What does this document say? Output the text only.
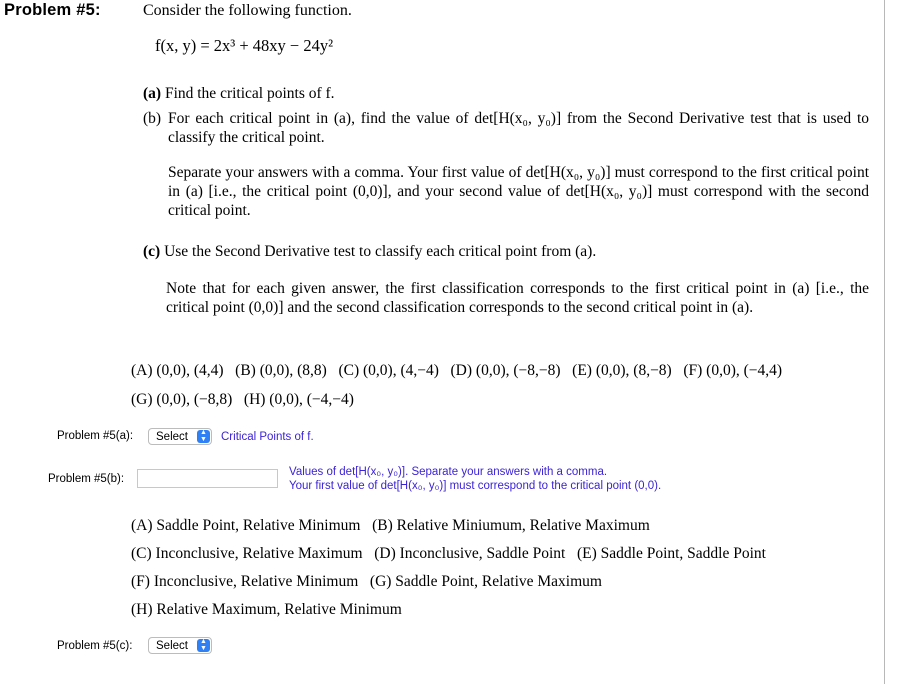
Problem #5:	Consider the following function.
f(x, y) = 2x³ + 48xy − 24y²
(a) Find the critical points of f.
(b) For each critical point in (a), find the value of det[H(x₀, y₀)] from the Second Derivative test that is used to classify the critical point.
Separate your answers with a comma. Your first value of det[H(x₀, y₀)] must correspond to the first critical point in (a) [i.e., the critical point (0,0)], and your second value of det[H(x₀, y₀)] must correspond with the second critical point.
(c) Use the Second Derivative test to classify each critical point from (a).
Note that for each given answer, the first classification corresponds to the first critical point in (a) [i.e., the critical point (0,0)] and the second classification corresponds to the second critical point in (a).
(A) (0,0), (4,4)   (B) (0,0), (8,8)   (C) (0,0), (4,−4)   (D) (0,0), (−8,−8)   (E) (0,0), (8,−8)   (F) (0,0), (−4,4)
(G) (0,0), (−8,8)   (H) (0,0), (−4,−4)
Problem #5(a):	Select	▲
▼ Critical Points of f.
Problem #5(b):
Values of det[H(x₀, y₀)]. Separate your answers with a comma.
Your first value of det[H(x₀, y₀)] must correspond to the critical point (0,0).
(A) Saddle Point, Relative Minimum   (B) Relative Miniumum, Relative Maximum
(C) Inconclusive, Relative Maximum   (D) Inconclusive, Saddle Point   (E) Saddle Point, Saddle Point
(F) Inconclusive, Relative Minimum   (G) Saddle Point, Relative Maximum
(H) Relative Maximum, Relative Minimum
Problem #5(c):	Select	▲
▼
